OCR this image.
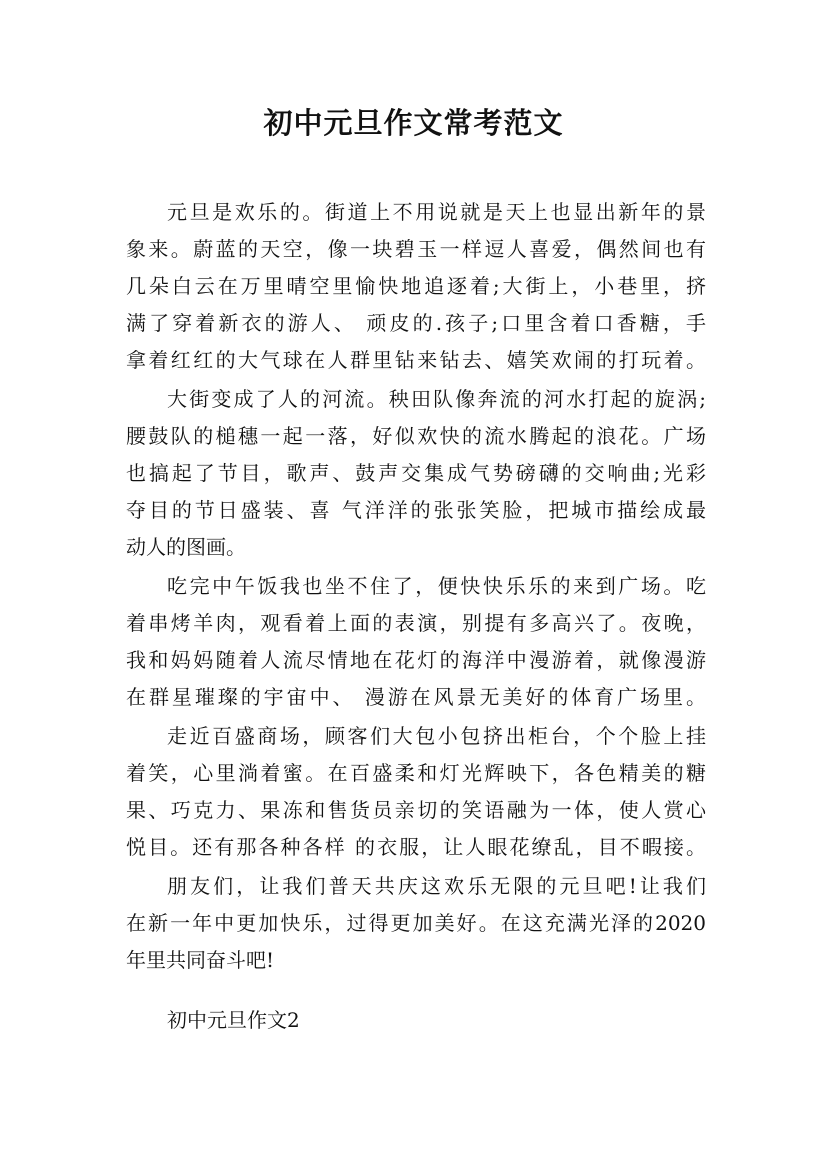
初中元旦作文常考范文
元旦是欢乐的。街道上不用说就是天上也显出新年的景
象来。蔚蓝的天空，像一块碧玉一样逗人喜爱，偶然间也有
几朵白云在万里晴空里愉快地追逐着;大街上，小巷里，挤
满了穿着新衣的游人、 顽皮的.孩子;口里含着口香糖，手
拿着红红的大气球在人群里钻来钻去、嬉笑欢闹的打玩着。
大街变成了人的河流。秧田队像奔流的河水打起的旋涡;
腰鼓队的槌穗一起一落，好似欢快的流水腾起的浪花。广场
也搞起了节目，歌声、鼓声交集成气势磅礴的交响曲;光彩
夺目的节日盛装、喜 气洋洋的张张笑脸，把城市描绘成最
动人的图画。
吃完中午饭我也坐不住了，便快快乐乐的来到广场。吃
着串烤羊肉，观看着上面的表演，别提有多高兴了。夜晚，
我和妈妈随着人流尽情地在花灯的海洋中漫游着，就像漫游
在群星璀璨的宇宙中、 漫游在风景无美好的体育广场里。
走近百盛商场，顾客们大包小包挤出柜台，个个脸上挂
着笑，心里淌着蜜。在百盛柔和灯光辉映下，各色精美的糖
果、巧克力、果冻和售货员亲切的笑语融为一体，使人赏心
悦目。还有那各种各样 的衣服，让人眼花缭乱，目不暇接。
朋友们，让我们普天共庆这欢乐无限的元旦吧!让我们
在新一年中更加快乐，过得更加美好。在这充满光泽的2020
年里共同奋斗吧!
初中元旦作文2
